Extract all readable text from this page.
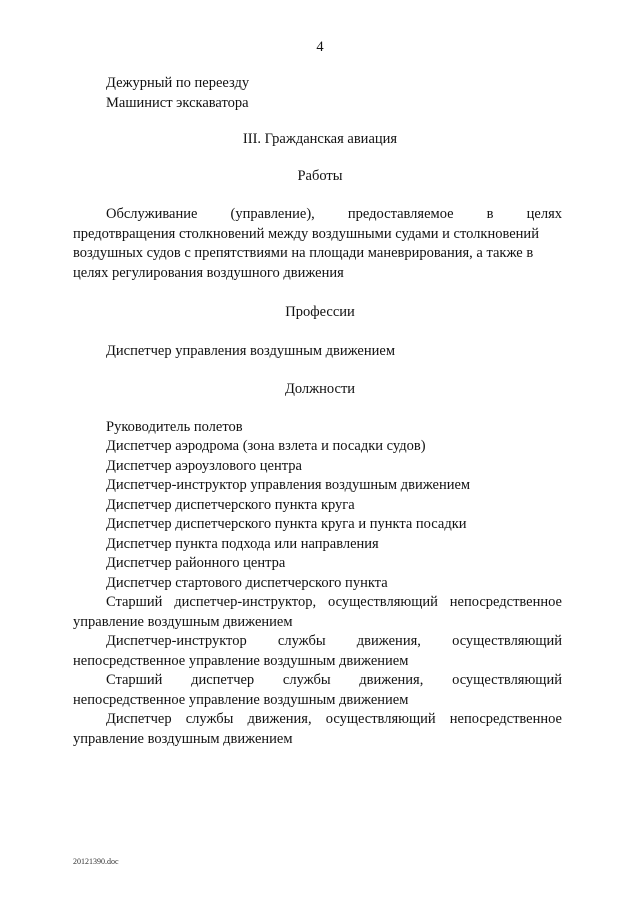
4
Дежурный по переезду
Машинист экскаватора
III. Гражданская авиация
Работы
Обслуживание (управление), предоставляемое в целях
предотвращения столкновений между воздушными судами и столкновений воздушных судов с препятствиями на площади маневрирования, а также в целях регулирования воздушного движения
Профессии
Диспетчер управления воздушным движением
Должности
Руководитель полетов
Диспетчер аэродрома (зона взлета и посадки судов)
Диспетчер аэроузлового центра
Диспетчер-инструктор управления воздушным движением
Диспетчер диспетчерского пункта круга
Диспетчер диспетчерского пункта круга и пункта посадки
Диспетчер пункта подхода или направления
Диспетчер районного центра
Диспетчер стартового диспетчерского пункта
Старший диспетчер-инструктор, осуществляющий непосредственное
управление воздушным движением
Диспетчер-инструктор службы движения, осуществляющий
непосредственное управление воздушным движением
Старший диспетчер службы движения, осуществляющий
непосредственное управление воздушным движением
Диспетчер службы движения, осуществляющий непосредственное
управление воздушным движением
20121390.doc
